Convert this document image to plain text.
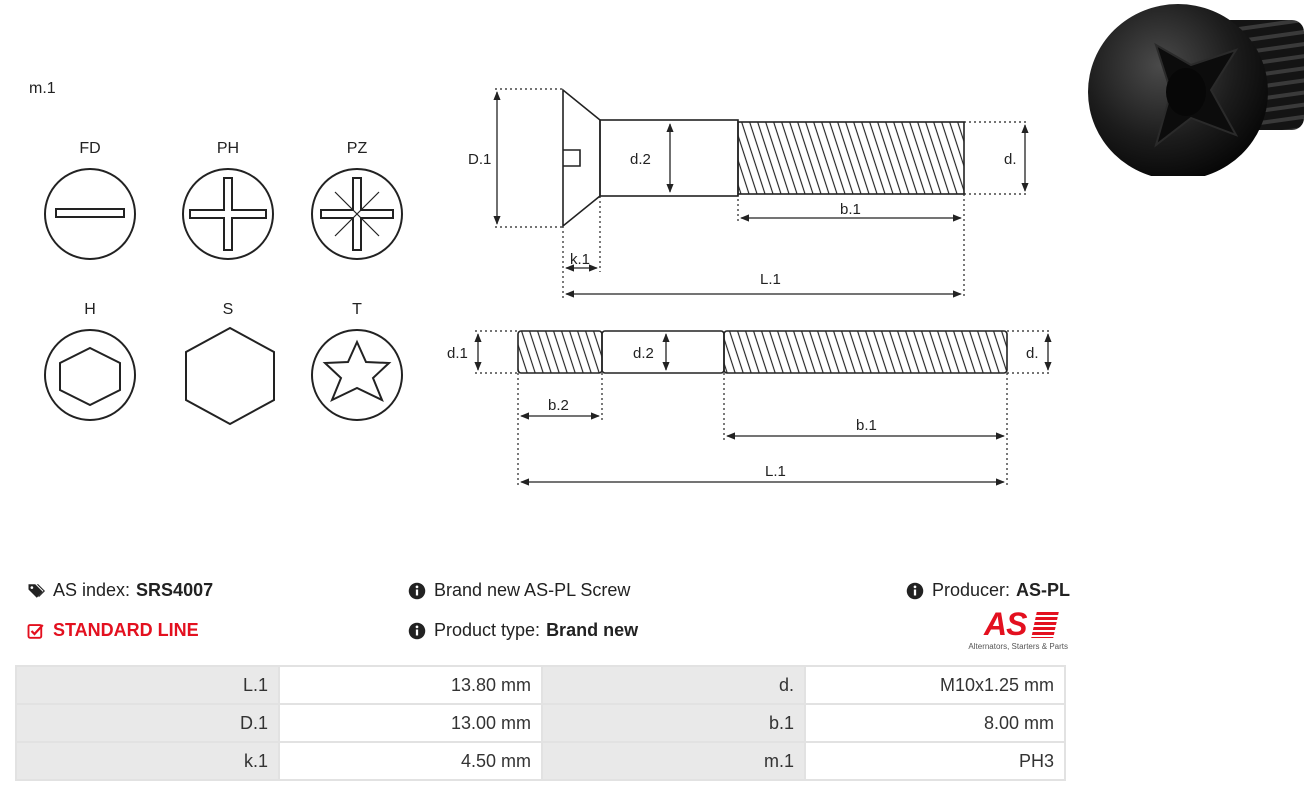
m.1
FD	PH	PZ
H	S	T
D.1	d.2	d.
b.1
k.1
L.1
d.1	d.2	d.
b.2
b.1
L.1
AS index: SRS4007
STANDARD LINE
Brand new AS-PL Screw
Product type: Brand new
Producer: AS-PL
AS
Alternators, Starters & Parts
L.1	13.80 mm	d.	M10x1.25 mm
D.1	13.00 mm	b.1	8.00 mm
k.1	4.50 mm	m.1	PH3
